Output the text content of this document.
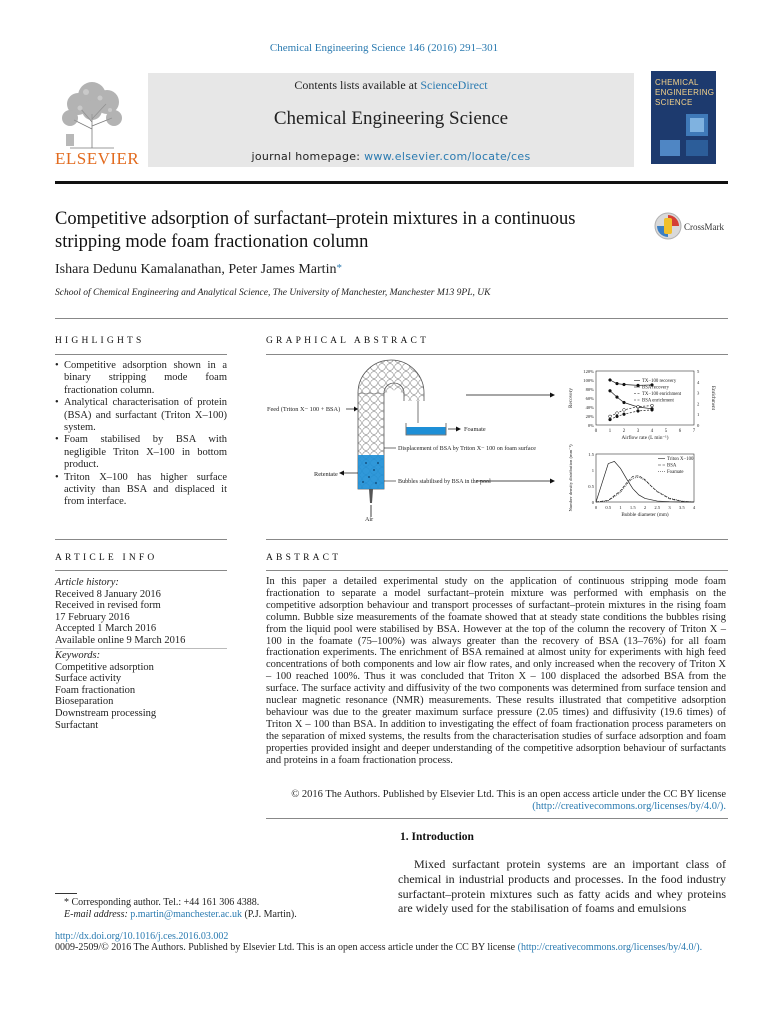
Chemical Engineering Science 146 (2016) 291–301
ELSEVIER
Contents lists available at ScienceDirect
Chemical Engineering Science
journal homepage: www.elsevier.com/locate/ces
CHEMICAL
ENGINEERING
SCIENCE
Competitive adsorption of surfactant–protein mixtures in a continuous stripping mode foam fractionation column
CrossMark
Ishara Dedunu Kamalanathan, Peter James Martin*
School of Chemical Engineering and Analytical Science, The University of Manchester, Manchester M13 9PL, UK
HIGHLIGHTS
• Competitive adsorption shown in a binary stripping mode foam fractionation column.
• Analytical characterisation of protein (BSA) and surfactant (Triton X–100) system.
• Foam stabilised by BSA with negligible Triton X–100 in bottom product.
• Triton X–100 has higher surface activity than BSA and displaced it from interface.
GRAPHICAL ABSTRACT
Foamate
Feed (Triton X− 100 + BSA)
Displacement of BSA by Triton X− 100 on foam surface
Retentate
Bubbles stabilised by BSA in the pool
Air
0%
20%
40%
60%
80%
100%
120%
0
1
2
3
4
5
0 1 2 3 4 5 6 7
Airflow rate (L min⁻¹)
Recovery	Enrichment
TX−100 recovery
BSA recovery
TX−100 enrichment
BSA enrichment
0
0.5
1
1.5
0 0.5 1 1.5 2 2.5 3 3.5 4
Bubble diameter (mm)
Number density distribution (mm⁻¹)	Triton X−100
BSA
Foamate
ARTICLE INFO
Article history:
Received 8 January 2016
Received in revised form
17 February 2016
Accepted 1 March 2016
Available online 9 March 2016
Keywords:
Competitive adsorption
Surface activity
Foam fractionation
Bioseparation
Downstream processing
Surfactant
ABSTRACT
In this paper a detailed experimental study on the application of continuous stripping mode foam fractionation to separate a model surfactant–protein mixture was performed with emphasis on the competitive adsorption behaviour and transport processes of surfactant–protein mixtures in the rising foam column. Bubble size measurements of the foamate showed that at steady state conditions the bubbles rising from the liquid pool were stabilised by BSA. However at the top of the column the recovery of Triton X – 100 in the foamate (75–100%) was always greater than the recovery of BSA (13–76%) for all foam fractionation experiments. The enrichment of BSA remained at almost unity for experiments with high feed concentrations of both components and low air flow rates, and only increased when the recovery of Triton X – 100 reached 100%. Thus it was concluded that Triton X – 100 displaced the adsorbed BSA from the surface. The surface activity and diffusivity of the two components was determined from surface tension and nuclear magnetic resonance (NMR) measurements. These results illustrated that competitive adsorption behaviour was due to the greater maximum surface pressure (2.05 times) and diffusivity (19.6 times) of Triton X – 100 than BSA. In addition to investigating the effect of foam fractionation process parameters on the separation of mixed systems, the results from the characterisation studies of surface adsorption and foam properties provided insight and deeper understanding of the competitive adsorption behaviour of surfactants and proteins in a foam fractionation process.
© 2016 The Authors. Published by Elsevier Ltd. This is an open access article under the CC BY license
(http://creativecommons.org/licenses/by/4.0/).
1. Introduction
Mixed surfactant protein systems are an important class of chemical in industrial products and processes. In the food industry surfactant–protein mixtures such as fatty acids and whey proteins are widely used for the stabilisation of foams and emulsions
* Corresponding author. Tel.: +44 161 306 4388.
E-mail address: p.martin@manchester.ac.uk (P.J. Martin).
http://dx.doi.org/10.1016/j.ces.2016.03.002
0009-2509/© 2016 The Authors. Published by Elsevier Ltd. This is an open access article under the CC BY license (http://creativecommons.org/licenses/by/4.0/).
